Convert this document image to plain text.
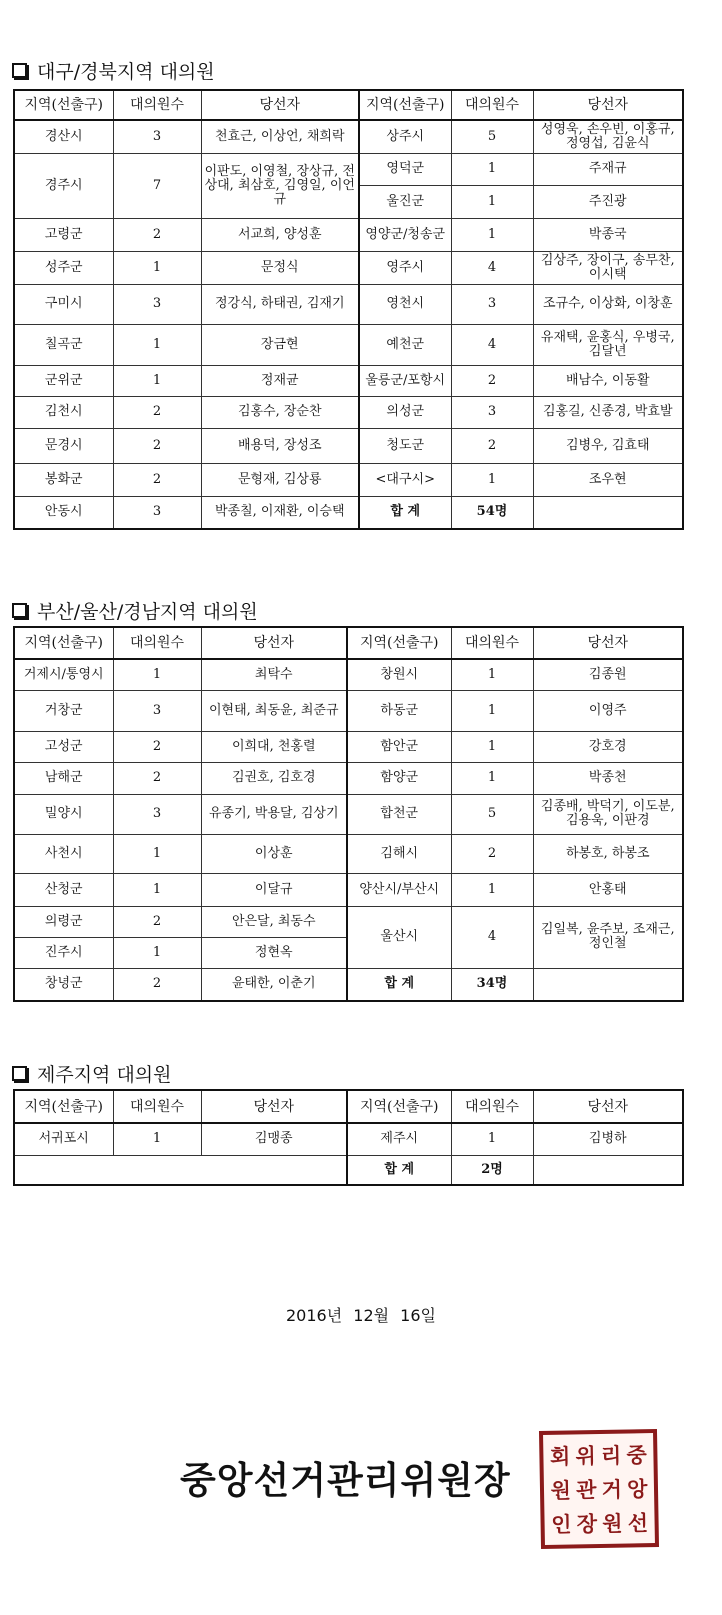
대구/경북지역 대의원
지역(선출구)	대의원수	당선자	지역(선출구)	대의원수	당선자
경산시	3	천효근, 이상언, 채희락	상주시	5	성영욱, 손우빈, 이홍규, 정영섭, 김윤식
경주시	7	이판도, 이영철, 장상규, 전상대, 최삼호, 김영일, 이언규	영덕군	1	주재규
			울진군	1	주진광
고령군	2	서교희, 양성훈	영양군/청송군	1	박종국
성주군	1	문정식	영주시	4	김상주, 장이구, 송무찬, 이시택
구미시	3	정강식, 하태권, 김재기	영천시	3	조규수, 이상화, 이창훈
칠곡군	1	장금현	예천군	4	유재택, 윤홍식, 우병국, 김달년
군위군	1	정재균	울릉군/포항시	2	배남수, 이동활
김천시	2	김홍수, 장순찬	의성군	3	김홍길, 신종경, 박효발
문경시	2	배용덕, 장성조	청도군	2	김병우, 김효태
봉화군	2	문형재, 김상룡	<대구시>	1	조우현
안동시	3	박종칠, 이재환, 이승택	합 계	54명	
부산/울산/경남지역 대의원
지역(선출구)	대의원수	당선자	지역(선출구)	대의원수	당선자
거제시/통영시	1	최탁수	창원시	1	김종원
거창군	3	이현태, 최동윤, 최준규	하동군	1	이영주
고성군	2	이희대, 천홍렬	함안군	1	강호경
남해군	2	김권호, 김호경	함양군	1	박종천
밀양시	3	유종기, 박용달, 김상기	합천군	5	김종배, 박덕기, 이도분, 김용욱, 이판경
사천시	1	이상훈	김해시	2	하봉호, 하봉조
산청군	1	이달규	양산시/부산시	1	안홍태
의령군	2	안은달, 최동수	울산시	4	김일복, 윤주보, 조재근, 정인철
진주시	1	정현옥			
창녕군	2	윤태한, 이춘기	합 계	34명	
제주지역 대의원
지역(선출구)	대의원수	당선자	지역(선출구)	대의원수	당선자
서귀포시	1	김맹종	제주시	1	김병하
			합 계	2명	
2016년 12월 16일
중앙선거관리위원장
회 위 리 중
원 관 거 앙
인 장 원 선
